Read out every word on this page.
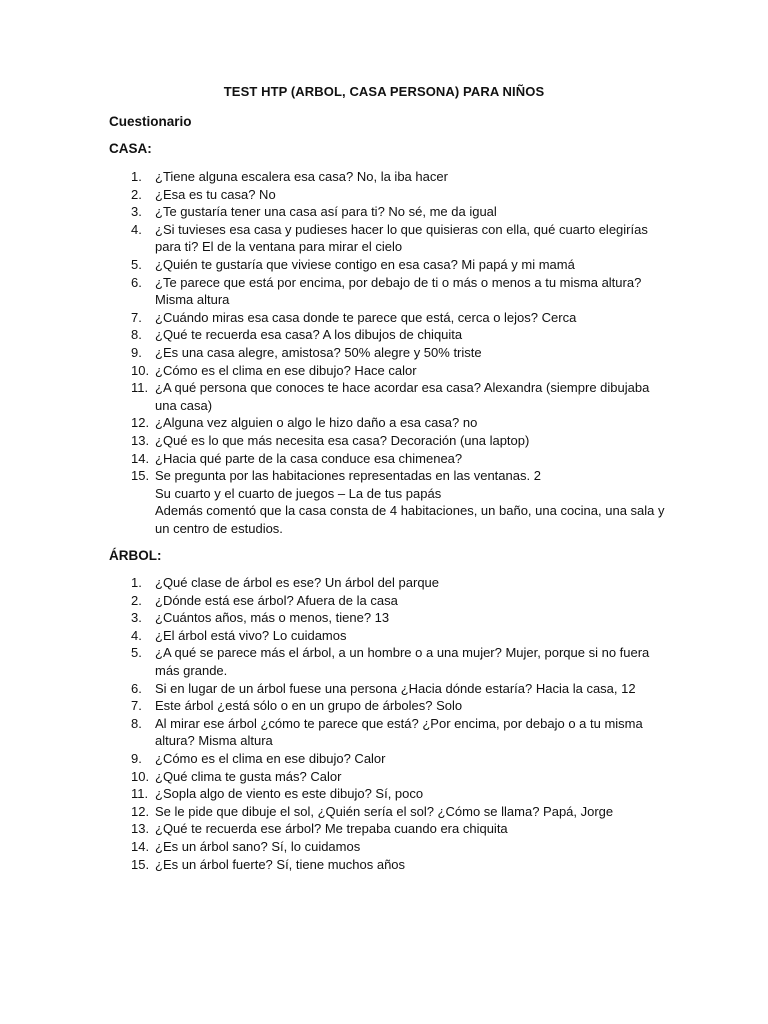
TEST HTP (ARBOL, CASA PERSONA) PARA NIÑOS
Cuestionario
CASA:
1.	¿Tiene alguna escalera esa casa? No, la iba hacer
2.	¿Esa es tu casa? No
3.	¿Te gustaría tener una casa así para ti? No sé, me da igual
4.	¿Si tuvieses esa casa y pudieses hacer lo que quisieras con ella, qué cuarto elegirías para ti? El de la ventana para mirar el cielo
5.	¿Quién te gustaría que viviese contigo en esa casa? Mi papá y mi mamá
6.	¿Te parece que está por encima, por debajo de ti o más o menos a tu misma altura? Misma altura
7.	¿Cuándo miras esa casa donde te parece que está, cerca o lejos? Cerca
8.	¿Qué te recuerda esa casa? A los dibujos de chiquita
9.	¿Es una casa alegre, amistosa? 50% alegre y 50% triste
10. ¿Cómo es el clima en ese dibujo? Hace calor
11. ¿A qué persona que conoces te hace acordar esa casa? Alexandra (siempre dibujaba una casa)
12. ¿Alguna vez alguien o algo le hizo daño a esa casa? no
13. ¿Qué es lo que más necesita esa casa? Decoración (una laptop)
14. ¿Hacia qué parte de la casa conduce esa chimenea?
15. Se pregunta por las habitaciones representadas en las ventanas. 2
Su cuarto y el cuarto de juegos – La de tus papás
Además comentó que la casa consta de 4 habitaciones, un baño, una cocina, una sala y un centro de estudios.
ÁRBOL:
1.	¿Qué clase de árbol es ese? Un árbol del parque
2.	¿Dónde está ese árbol? Afuera de la casa
3.	¿Cuántos años, más o menos, tiene? 13
4.	¿El árbol está vivo? Lo cuidamos
5.	¿A qué se parece más el árbol, a un hombre o a una mujer? Mujer, porque si no fuera más grande.
6.	Si en lugar de un árbol fuese una persona ¿Hacia dónde estaría? Hacia la casa, 12
7.	Este árbol ¿está sólo o en un grupo de árboles? Solo
8.	Al mirar ese árbol ¿cómo te parece que está? ¿Por encima, por debajo o a tu misma altura? Misma altura
9.	¿Cómo es el clima en ese dibujo? Calor
10. ¿Qué clima te gusta más? Calor
11. ¿Sopla algo de viento es este dibujo? Sí, poco
12. Se le pide que dibuje el sol, ¿Quién sería el sol? ¿Cómo se llama? Papá, Jorge
13. ¿Qué te recuerda ese árbol? Me trepaba cuando era chiquita
14. ¿Es un árbol sano? Sí, lo cuidamos
15. ¿Es un árbol fuerte? Sí, tiene muchos años
